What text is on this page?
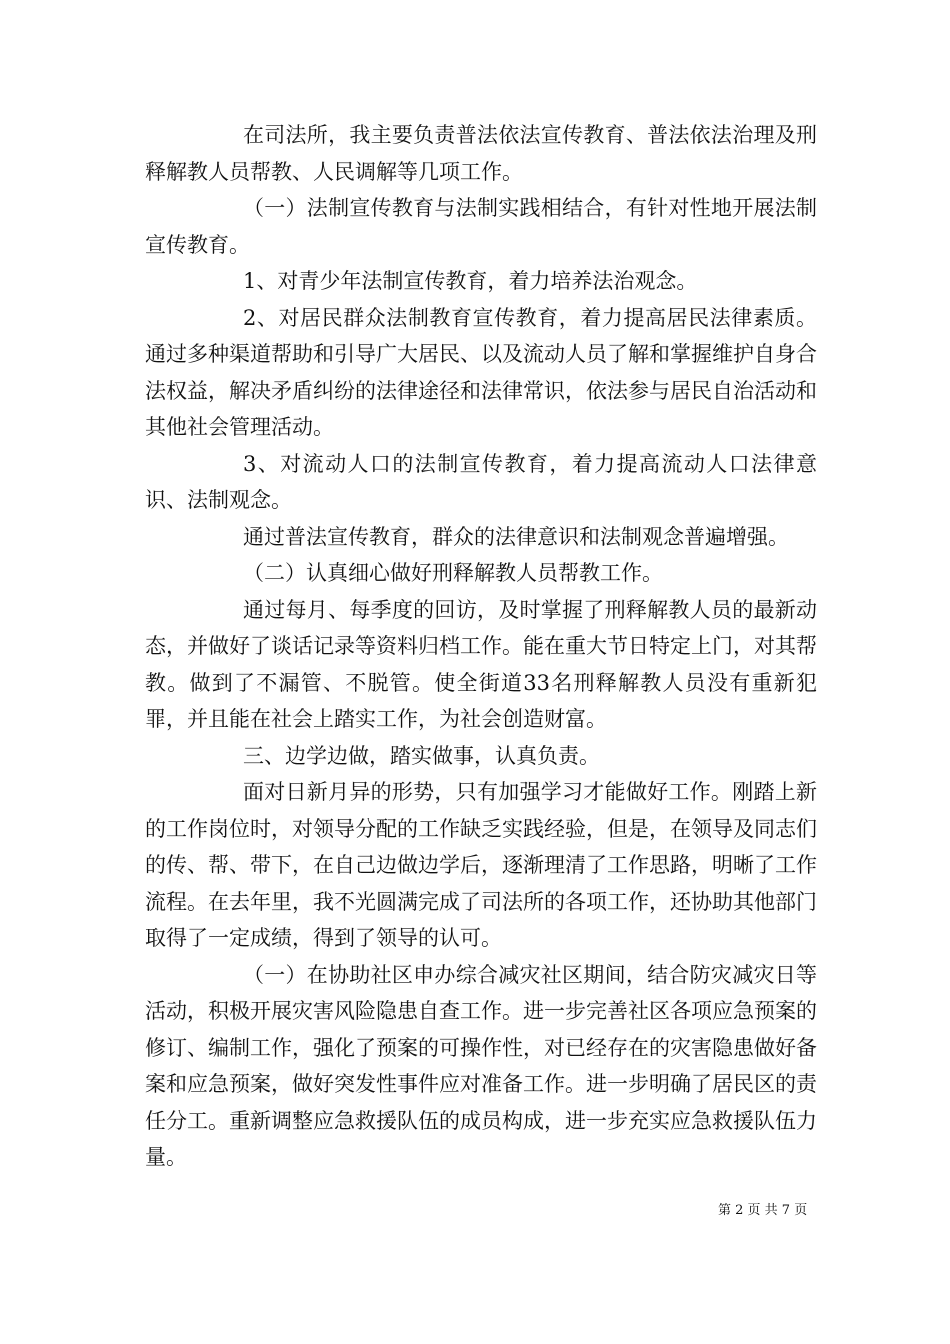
在司法所，我主要负责普法依法宣传教育、普法依法治理及刑释解教人员帮教、人民调解等几项工作。

（一）法制宣传教育与法制实践相结合，有针对性地开展法制宣传教育。

1、对青少年法制宣传教育，着力培养法治观念。

2、对居民群众法制教育宣传教育，着力提高居民法律素质。通过多种渠道帮助和引导广大居民、以及流动人员了解和掌握维护自身合法权益，解决矛盾纠纷的法律途径和法律常识，依法参与居民自治活动和其他社会管理活动。

3、对流动人口的法制宣传教育，着力提高流动人口法律意识、法制观念。

通过普法宣传教育，群众的法律意识和法制观念普遍增强。

（二）认真细心做好刑释解教人员帮教工作。

通过每月、每季度的回访，及时掌握了刑释解教人员的最新动态，并做好了谈话记录等资料归档工作。能在重大节日特定上门，对其帮教。做到了不漏管、不脱管。使全街道33名刑释解教人员没有重新犯罪，并且能在社会上踏实工作，为社会创造财富。

三、边学边做，踏实做事，认真负责。

面对日新月异的形势，只有加强学习才能做好工作。刚踏上新的工作岗位时，对领导分配的工作缺乏实践经验，但是，在领导及同志们的传、帮、带下，在自己边做边学后，逐渐理清了工作思路，明晰了工作流程。在去年里，我不光圆满完成了司法所的各项工作，还协助其他部门取得了一定成绩，得到了领导的认可。

（一）在协助社区申办综合减灾社区期间，结合防灾减灾日等活动，积极开展灾害风险隐患自查工作。进一步完善社区各项应急预案的修订、编制工作，强化了预案的可操作性，对已经存在的灾害隐患做好备案和应急预案，做好突发性事件应对准备工作。进一步明确了居民区的责任分工。重新调整应急救援队伍的成员构成，进一步充实应急救援队伍力量。

第 2 页 共 7 页
